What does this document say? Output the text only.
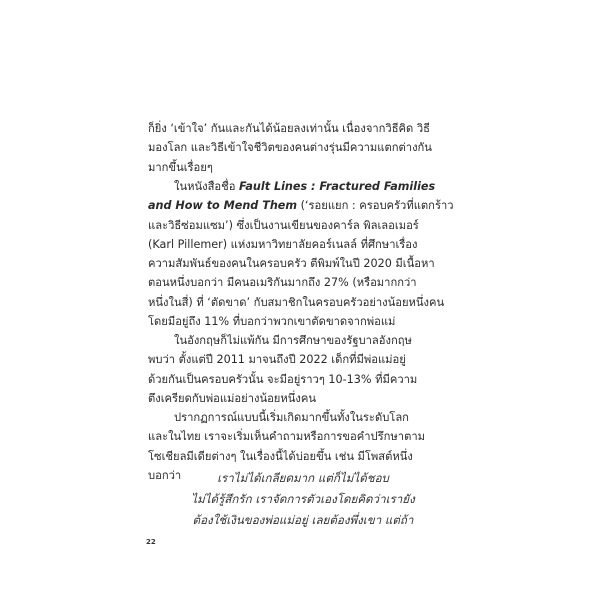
ก็ยิ่ง ‘เข้าใจ’ กันและกันได้น้อยลงเท่านั้น เนื่องจากวิธีคิด วิธี
มองโลก และวิธีเข้าใจชีวิตของคนต่างรุ่นมีความแตกต่างกัน
มากขึ้นเรื่อยๆ

ในหนังสือชื่อ Fault Lines : Fractured Families
and How to Mend Them (‘รอยแยก : ครอบครัวที่แตกร้าว
และวิธีซ่อมแซม’) ซึ่งเป็นงานเขียนของคาร์ล พิลเลอเมอร์
(Karl Pillemer) แห่งมหาวิทยาลัยคอร์เนลล์ ที่ศึกษาเรื่อง
ความสัมพันธ์ของคนในครอบครัว ตีพิมพ์ในปี 2020 มีเนื้อหา
ตอนหนึ่งบอกว่า มีคนอเมริกันมากถึง 27% (หรือมากกว่า
หนึ่งในสี่) ที่ ‘ตัดขาด’ กับสมาชิกในครอบครัวอย่างน้อยหนึ่งคน
โดยมีอยู่ถึง 11% ที่บอกว่าพวกเขาตัดขาดจากพ่อแม่

ในอังกฤษก็ไม่แพ้กัน มีการศึกษาของรัฐบาลอังกฤษ
พบว่า ตั้งแต่ปี 2011 มาจนถึงปี 2022 เด็กที่มีพ่อแม่อยู่
ด้วยกันเป็นครอบครัวนั้น จะมีอยู่ราวๆ 10-13% ที่มีความ
ตึงเครียดกับพ่อแม่อย่างน้อยหนึ่งคน

ปรากฏการณ์แบบนี้เริ่มเกิดมากขึ้นทั้งในระดับโลก
และในไทย เราจะเริ่มเห็นคำถามหรือการขอคำปรึกษาตาม
โซเชียลมีเดียต่างๆ ในเรื่องนี้ได้บ่อยขึ้น เช่น มีโพสต์หนึ่ง
บอกว่า	เราไม่ได้เกลียดมาก แต่ก็ไม่ได้ชอบ
ไม่ได้รู้สึกรัก เราจัดการตัวเองโดยคิดว่าเรายัง
ต้องใช้เงินของพ่อแม่อยู่ เลยต้องพึ่งเขา แต่ถ้า
22
